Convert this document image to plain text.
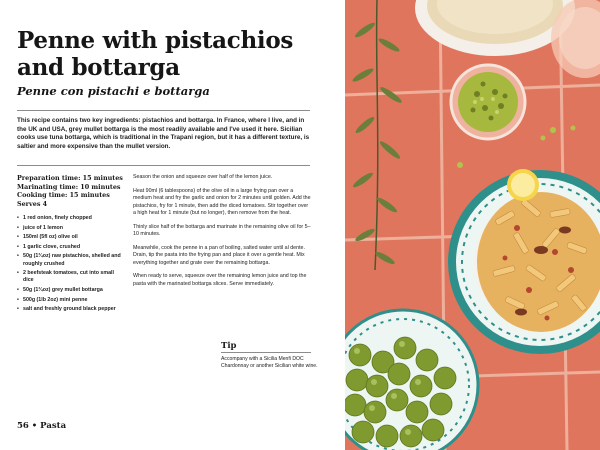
Penne with pistachios and bottarga
Penne con pistachi e bottarga

This recipe contains two key ingredients: pistachios and bottarga. In France, where I live, and in the UK and USA, grey mullet bottarga is the most readily available and I've used it here. Sicilian cooks use tuna bottarga, which is traditional in the Trapani region, but it has a different texture, is saltier and more expensive than the mullet version.

Preparation time: 15 minutes
Marinating time: 10 minutes
Cooking time: 15 minutes
Serves 4
• 1 red onion, finely chopped
• juice of 1 lemon
• 150ml (5fl oz) olive oil
• 1 garlic clove, crushed
• 50g (1¾oz) raw pistachios, shelled and roughly crushed
• 2 beefsteak tomatoes, cut into small dice
• 50g (1¾oz) grey mullet bottarga
• 500g (1lb 2oz) mini penne
• salt and freshly ground black pepper

Season the onion and squeeze over half of the lemon juice.

Heat 90ml (6 tablespoons) of the olive oil in a large frying pan over a medium heat and fry the garlic and onion for 2 minutes until golden. Add the pistachios, fry for 1 minute, then add the diced tomatoes. Stir together over a high heat for 1 minute (but no longer), then remove from the heat.

Thinly slice half of the bottarga and marinate in the remaining olive oil for 5–10 minutes.

Meanwhile, cook the penne in a pan of boiling, salted water until al dente. Drain, tip the pasta into the frying pan and place it over a gentle heat. Mix everything together and grate over the remaining bottarga.

When ready to serve, squeeze over the remaining lemon juice and top the pasta with the marinated bottarga slices. Serve immediately.

Tip

Accompany with a Sicilia Menfi DOC Chardonnay or another Sicilian white wine.

56 • Pasta
